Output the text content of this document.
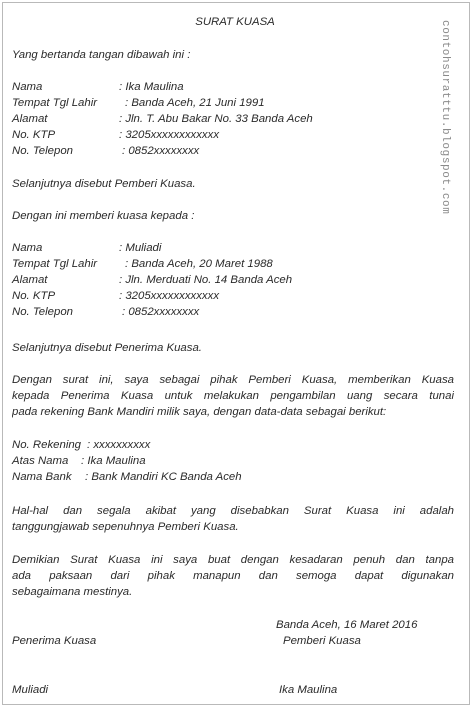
contohsuratttu.blogspot.com
SURAT KUASA
Yang bertanda tangan dibawah ini :
Nama	: Ika Maulina
Tempat Tgl Lahir : Banda Aceh, 21 Juni 1991
Alamat	: Jln. T. Abu Bakar No. 33 Banda Aceh
No. KTP	: 3205xxxxxxxxxxxx
No. Telepon	: 0852xxxxxxxx
Selanjutnya disebut Pemberi Kuasa.
Dengan ini memberi kuasa kepada :
Nama	: Muliadi
Tempat Tgl Lahir : Banda Aceh, 20 Maret 1988
Alamat	: Jln. Merduati No. 14 Banda Aceh
No. KTP	: 3205xxxxxxxxxxxx
No. Telepon	: 0852xxxxxxxx
Selanjutnya disebut Penerima Kuasa.
Dengan surat ini, saya sebagai pihak Pemberi Kuasa, memberikan Kuasa
kepada Penerima Kuasa untuk melakukan pengambilan uang secara tunai
pada rekening Bank Mandiri milik saya, dengan data-data sebagai berikut:
No. Rekening : xxxxxxxxxx
Atas Nama : Ika Maulina
Nama Bank : Bank Mandiri KC Banda Aceh
Hal-hal dan segala akibat yang disebabkan Surat Kuasa ini adalah
tanggungjawab sepenuhnya Pemberi Kuasa.
Demikian Surat Kuasa ini saya buat dengan kesadaran penuh dan tanpa
ada paksaan dari pihak manapun dan semoga dapat digunakan
sebagaimana mestinya.
Banda Aceh, 16 Maret 2016
Penerima Kuasa	Pemberi Kuasa
Muliadi	Ika Maulina
